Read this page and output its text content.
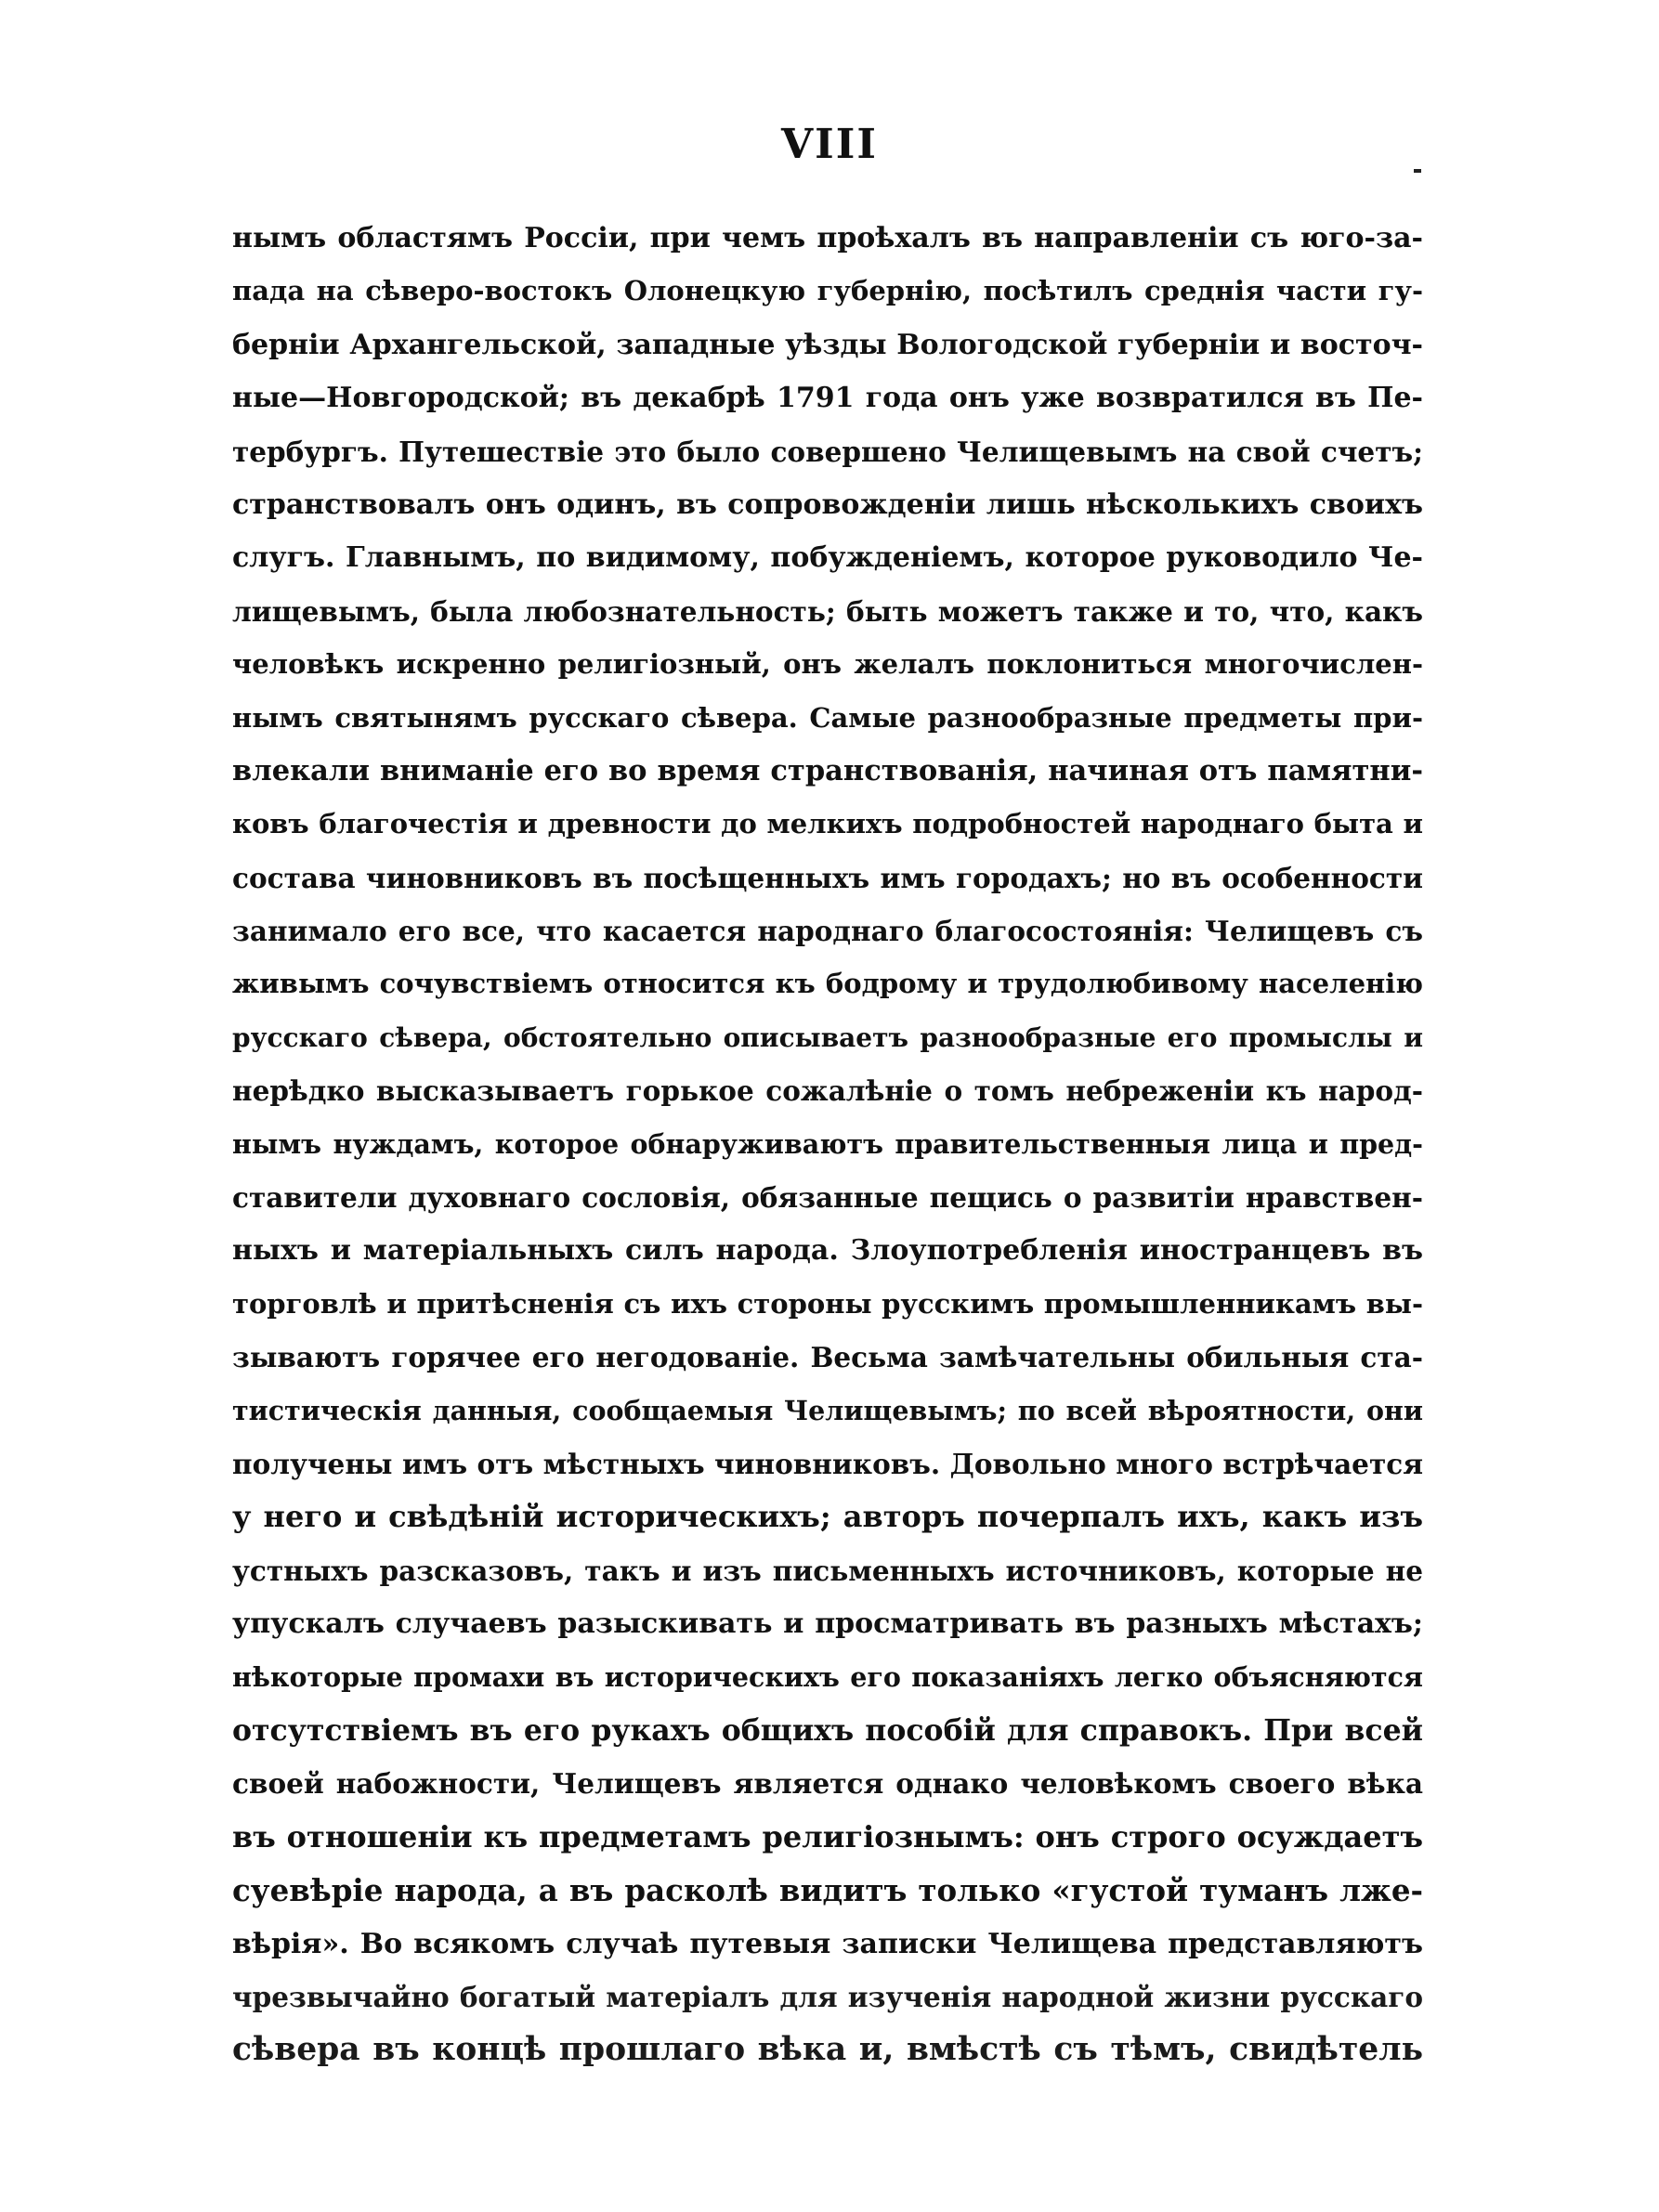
VIII
нымъ областямъ Россіи, при чемъ проѣхалъ въ направленіи съ юго-за-
пада на сѣверо-востокъ Олонецкую губернію, посѣтилъ среднія части гу-
берніи Архангельской, западные уѣзды Вологодской губерніи и восточ-
ные—Новгородской; въ декабрѣ 1791 года онъ уже возвратился въ Пе-
тербургъ. Путешествіе это было совершено Челищевымъ на свой счетъ;
странствовалъ онъ одинъ, въ сопровожденіи лишь нѣсколькихъ своихъ
слугъ. Главнымъ, по видимому, побужденіемъ, которое руководило Че-
лищевымъ, была любознательность; быть можетъ также и то, что, какъ
человѣкъ искренно религіозный, онъ желалъ поклониться многочислен-
нымъ святынямъ русскаго сѣвера. Самые разнообразные предметы при-
влекали вниманіе его во время странствованія, начиная отъ памятни-
ковъ благочестія и древности до мелкихъ подробностей народнаго быта и
состава чиновниковъ въ посѣщенныхъ имъ городахъ; но въ особенности
занимало его все, что касается народнаго благосостоянія: Челищевъ съ
живымъ сочувствіемъ относится къ бодрому и трудолюбивому населенію
русскаго сѣвера, обстоятельно описываетъ разнообразные его промыслы и
нерѣдко высказываетъ горькое сожалѣніе о томъ небреженіи къ народ-
нымъ нуждамъ, которое обнаруживаютъ правительственныя лица и пред-
ставители духовнаго сословія, обязанные пещись о развитіи нравствен-
ныхъ и матеріальныхъ силъ народа. Злоупотребленія иностранцевъ въ
торговлѣ и притѣсненія съ ихъ стороны русскимъ промышленникамъ вы-
зываютъ горячее его негодованіе. Весьма замѣчательны обильныя ста-
тистическія данныя, сообщаемыя Челищевымъ; по всей вѣроятности, они
получены имъ отъ мѣстныхъ чиновниковъ. Довольно много встрѣчается
у него и свѣдѣній историческихъ; авторъ почерпалъ ихъ, какъ изъ
устныхъ разсказовъ, такъ и изъ письменныхъ источниковъ, которые не
упускалъ случаевъ разыскивать и просматривать въ разныхъ мѣстахъ;
нѣкоторые промахи въ историческихъ его показаніяхъ легко объясняются
отсутствіемъ въ его рукахъ общихъ пособій для справокъ. При всей
своей набожности, Челищевъ является однако человѣкомъ своего вѣка
въ отношеніи къ предметамъ религіознымъ: онъ строго осуждаетъ
суевѣріе народа, а въ расколѣ видитъ только «густой туманъ лже-
вѣрія». Во всякомъ случаѣ путевыя записки Челищева представляютъ
чрезвычайно богатый матеріалъ для изученія народной жизни русскаго
сѣвера въ концѣ прошлаго вѣка и, вмѣстѣ съ тѣмъ, свидѣтель
